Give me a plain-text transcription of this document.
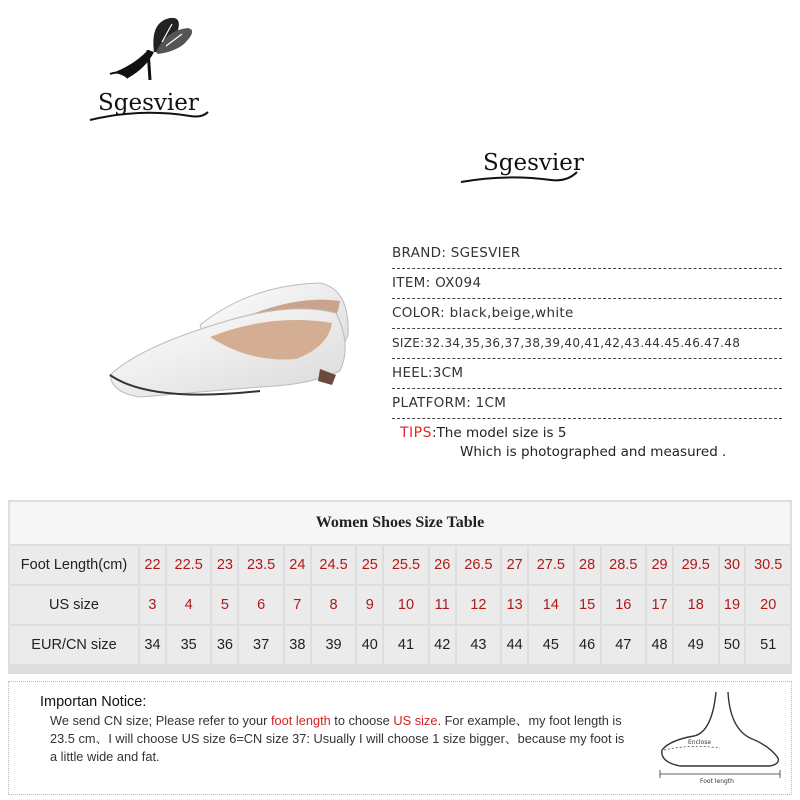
Sgesvier
Sgesvier
BRAND: SGESVIER
ITEM: OX094
COLOR: black,beige,white
SIZE:32.34,35,36,37,38,39,40,41,42,43.44.45.46.47.48
HEEL:3CM
PLATFORM: 1CM
TIPS:The model size is 5
Which is photographed and measured .
Women Shoes Size Table																		
Foot Length(cm)	22	22.5	23	23.5	24	24.5	25	25.5	26	26.5	27	27.5	28	28.5	29	29.5	30	30.5
US size	3	4	5	6	7	8	9	10	11	12	13	14	15	16	17	18	19	20
EUR/CN size	34	35	36	37	38	39	40	41	42	43	44	45	46	47	48	49	50	51
Importan Notice:
We send CN size; Please refer to your foot length to choose US size. For example、my foot length is 23.5 cm、I will choose US size 6=CN size 37: Usually I will choose 1 size bigger、because my foot is a little wide and fat.
Enclose
Foot length
